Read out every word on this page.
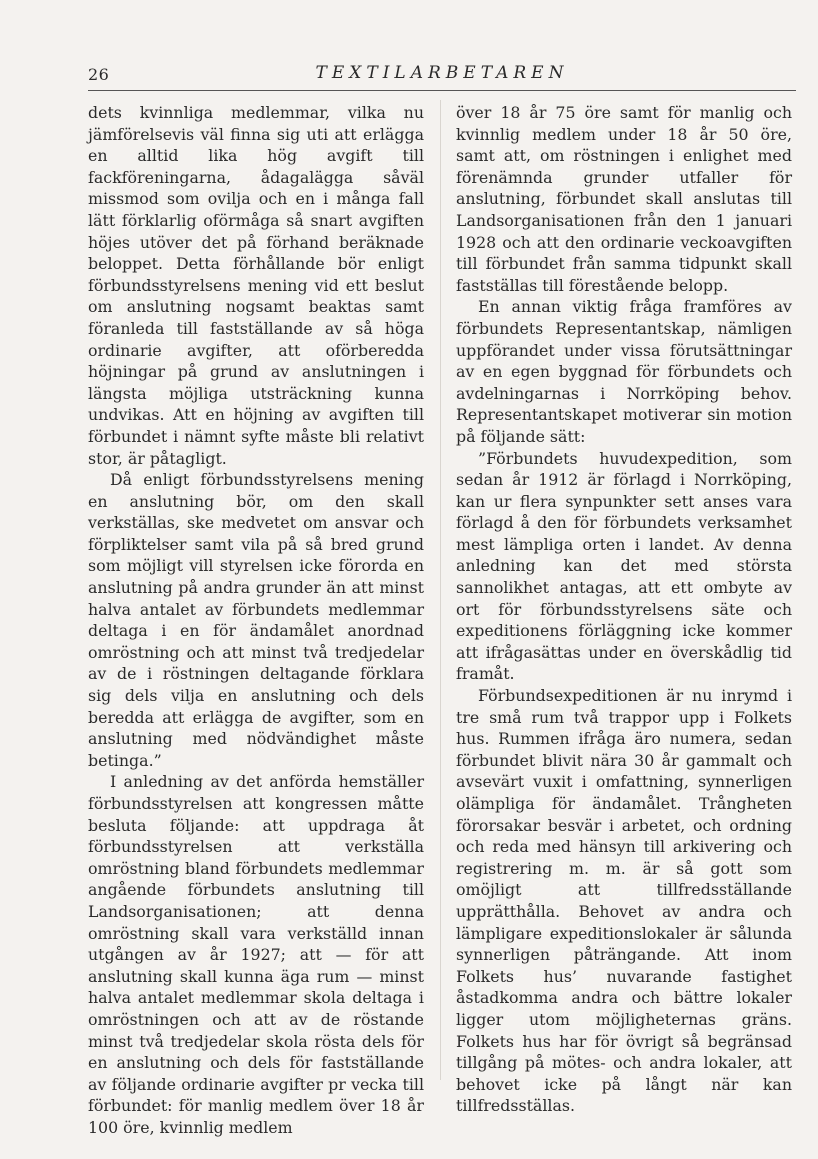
26	TEXTILARBETAREN

dets kvinnliga medlemmar, vilka nu jämförelsevis väl finna sig uti att erlägga en alltid lika hög avgift till fackföreningarna, ådagalägga såväl missmod som ovilja och en i många fall lätt förklarlig oförmåga så snart avgiften höjes utöver det på förhand beräknade beloppet. Detta förhållande bör enligt förbundsstyrelsens mening vid ett beslut om anslutning nogsamt beaktas samt föranleda till fastställande av så höga ordinarie avgifter, att oförberedda höjningar på grund av anslutningen i längsta möjliga utsträckning kunna undvikas. Att en höjning av avgiften till förbundet i nämnt syfte måste bli relativt stor, är påtagligt.

Då enligt förbundsstyrelsens mening en anslutning bör, om den skall verkställas, ske medvetet om ansvar och förpliktelser samt vila på så bred grund som möjligt vill styrelsen icke förorda en anslutning på andra grunder än att minst halva antalet av förbundets medlemmar deltaga i en för ändamålet anordnad omröstning och att minst två tredjedelar av de i röstningen deltagande förklara sig dels vilja en anslutning och dels beredda att erlägga de avgifter, som en anslutning med nödvändighet måste betinga.”

I anledning av det anförda hemställer förbundsstyrelsen att kongressen måtte besluta följande: att uppdraga åt förbundsstyrelsen att verkställa omröstning bland förbundets medlemmar angående förbundets anslutning till Landsorganisationen; att denna omröstning skall vara verkställd innan utgången av år 1927; att — för att anslutning skall kunna äga rum — minst halva antalet medlemmar skola deltaga i omröstningen och att av de röstande minst två tredjedelar skola rösta dels för en anslutning och dels för fastställande av följande ordinarie avgifter pr vecka till förbundet: för manlig medlem över 18 år 100 öre, kvinnlig medlem

över 18 år 75 öre samt för manlig och kvinnlig medlem under 18 år 50 öre, samt att, om röstningen i enlighet med förenämnda grunder utfaller för anslutning, förbundet skall anslutas till Landsorganisationen från den 1 januari 1928 och att den ordinarie veckoavgiften till förbundet från samma tidpunkt skall fastställas till förestående belopp.

En annan viktig fråga framföres av förbundets Representantskap, nämligen uppförandet under vissa förutsättningar av en egen byggnad för förbundets och avdelningarnas i Norrköping behov. Representantskapet motiverar sin motion på följande sätt:

”Förbundets huvudexpedition, som sedan år 1912 är förlagd i Norrköping, kan ur flera synpunkter sett anses vara förlagd å den för förbundets verksamhet mest lämpliga orten i landet. Av denna anledning kan det med största sannolikhet antagas, att ett ombyte av ort för förbundsstyrelsens säte och expeditionens förläggning icke kommer att ifrågasättas under en överskådlig tid framåt.

Förbundsexpeditionen är nu inrymd i tre små rum två trappor upp i Folkets hus. Rummen ifråga äro numera, sedan förbundet blivit nära 30 år gammalt och avsevärt vuxit i omfattning, synnerligen olämpliga för ändamålet. Trångheten förorsakar besvär i arbetet, och ordning och reda med hänsyn till arkivering och registrering m. m. är så gott som omöjligt att tillfredsställande upprätthålla. Behovet av andra och lämpligare expeditionslokaler är sålunda synnerligen påträngande. Att inom Folkets hus’ nuvarande fastighet åstadkomma andra och bättre lokaler ligger utom möjligheternas gräns. Folkets hus har för övrigt så begränsad tillgång på mötes- och andra lokaler, att behovet icke på långt när kan tillfredsställas.
